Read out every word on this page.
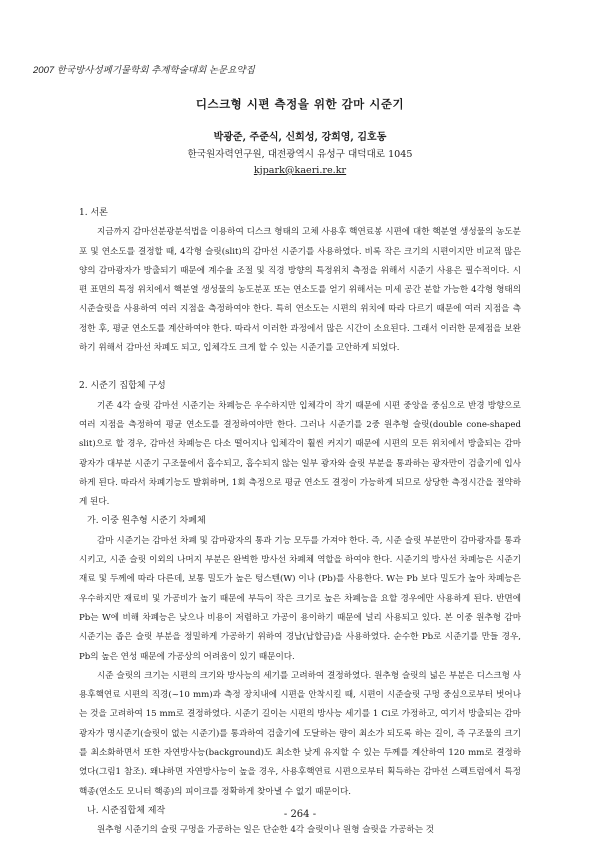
2007 한국방사성폐기물학회 추계학술대회 논문요약집
디스크형 시편 측정을 위한 감마 시준기
박광준, 주준식, 신희성, 강희영, 김호동
한국원자력연구원, 대전광역시 유성구 대덕대로 1045
kjpark@kaeri.re.kr
1. 서론

지금까지 감마선분광분석법을 이용하여 디스크 형태의 고체 사용후 핵연료봉 시편에 대한 핵분열 생성물의 농도분포 및 연소도를 결정할 때, 4각형 슬릿(slit)의 감마선 시준기를 사용하였다. 비록 작은 크기의 시편이지만 비교적 많은 양의 감마광자가 방출되기 때문에 계수율 조절 및 직경 방향의 특정위치 측정을 위해서 시준기 사용은 필수적이다. 시편 표면의 특정 위치에서 핵분열 생성물의 농도분포 또는 연소도를 얻기 위해서는 미세 공간 분할 가능한 4각형 형태의 시준슬릿을 사용하여 여러 지점을 측정하여야 한다. 특히 연소도는 시편의 위치에 따라 다르기 때문에 여러 지점을 측정한 후, 평균 연소도를 계산하여야 한다. 따라서 이러한 과정에서 많은 시간이 소요된다. 그래서 이러한 문제점을 보완하기 위해서 감마선 차폐도 되고, 입체각도 크게 할 수 있는 시준기를 고안하게 되었다.

2. 시준기 집합체 구성

기존 4각 슬릿 감마선 시준기는 차폐능은 우수하지만 입체각이 작기 때문에 시편 중앙을 중심으로 반경 방향으로 여러 지점을 측정하여 평균 연소도를 결정하여야만 한다. 그러나 시준기를 2중 원추형 슬릿(double cone-shaped slit)으로 할 경우, 감마선 차폐능은 다소 떨어지나 입체각이 훨씬 커지기 때문에 시편의 모든 위치에서 방출되는 감마광자가 대부분 시준기 구조물에서 흡수되고, 흡수되지 않는 일부 광자와 슬릿 부분을 통과하는 광자만이 검출기에 입사하게 된다. 따라서 차폐기능도 발휘하며, 1회 측정으로 평균 연소도 결정이 가능하게 되므로 상당한 측정시간을 절약하게 된다.

가. 이중 원추형 시준기 차폐체

감마 시준기는 감마선 차폐 및 감마광자의 통과 기능 모두를 가져야 한다. 즉, 시준 슬릿 부분만이 감마광자를 통과시키고, 시준 슬릿 이외의 나머지 부분은 완벽한 방사선 차폐체 역할을 하여야 한다. 시준기의 방사선 차폐능은 시준기 재료 및 두께에 따라 다른데, 보통 밀도가 높은 텅스텐(W) 이나 (Pb)를 사용한다. W는 Pb 보다 밀도가 높아 차폐능은 우수하지만 재료비 및 가공비가 높기 때문에 부득이 작은 크기로 높은 차폐능을 요할 경우에만 사용하게 된다. 반면에 Pb는 W에 비해 차폐능은 낮으나 비용이 저렴하고 가공이 용이하기 때문에 널리 사용되고 있다. 본 이중 원추형 감마 시준기는 좁은 슬릿 부분을 정밀하게 가공하기 위하여 경납(납합금)을 사용하였다. 순수한 Pb로 시준기를 만들 경우, Pb의 높은 연성 때문에 가공상의 어려움이 있기 때문이다.

시준 슬릿의 크기는 시편의 크기와 방사능의 세기를 고려하여 결정하였다. 원추형 슬릿의 넓은 부분은 디스크형 사용후핵연료 시편의 직경(~10 mm)과 측정 장치내에 시편을 안착시킬 때, 시편이 시준슬릿 구멍 중심으로부터 벗어나는 것을 고려하여 15 mm로 결정하였다. 시준기 길이는 시편의 방사능 세기를 1 Ci로 가정하고, 여기서 방출되는 감마광자가 명시준기(슬릿이 없는 시준기)를 통과하여 검출기에 도달하는 량이 최소가 되도록 하는 길이, 즉 구조물의 크기를 최소화하면서 또한 자연방사능(background)도 최소한 낮게 유지할 수 있는 두께를 계산하여 120 mm로 결정하였다(그림1 참조). 왜냐하면 자연방사능이 높을 경우, 사용후핵연료 시편으로부터 획득하는 감마선 스펙트럼에서 특정 핵종(연소도 모니터 핵종)의 피이크를 정확하게 찾아낼 수 없기 때문이다.

나. 시준집합체 제작

원추형 시준기의 슬릿 구멍을 가공하는 일은 단순한 4각 슬릿이나 원형 슬릿을 가공하는 것

- 264 -
